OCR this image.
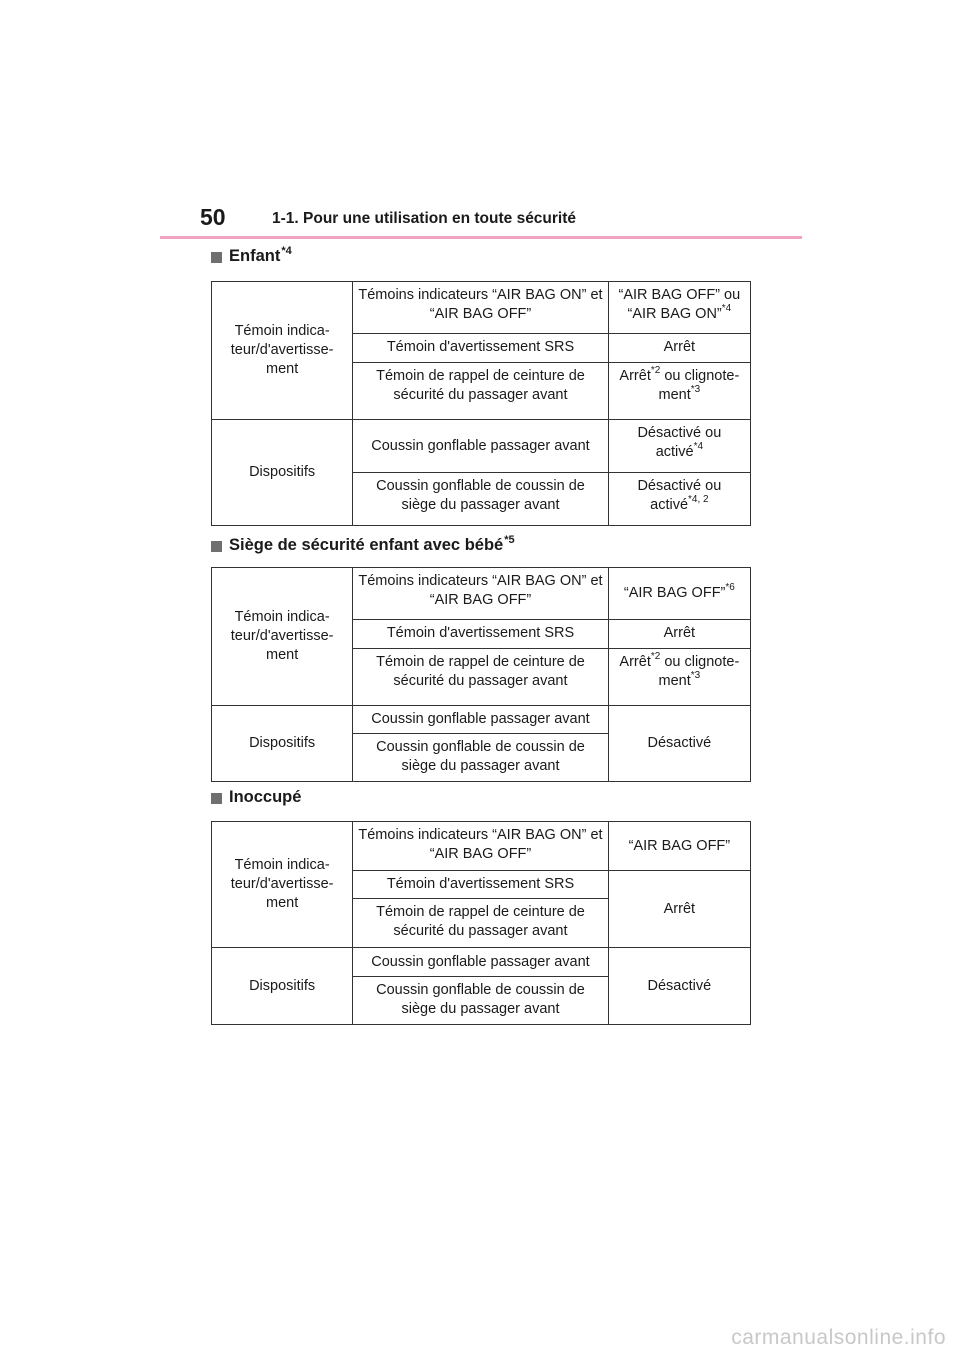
50	1-1. Pour une utilisation en toute sécurité
Enfant$^{*4}$
Témoin indica-teur/d'avertisse-ment	Témoins indicateurs “AIR BAG ON” et “AIR BAG OFF”	“AIR BAG OFF” ou “AIR BAG ON”$^{*4}$
	Témoin d'avertissement SRS	Arrêt
	Témoin de rappel de ceinture de sécurité du passager avant	Arrêt$^{*2}$ ou clignote-ment$^{*3}$
Dispositifs	Coussin gonflable passager avant	Désactivé ou activé$^{*4}$
	Coussin gonflable de coussin de siège du passager avant	Désactivé ou activé$^{*4, 2}$
Siège de sécurité enfant avec bébé$^{*5}$
Témoin indica-teur/d'avertisse-ment	Témoins indicateurs “AIR BAG ON” et “AIR BAG OFF”	“AIR BAG OFF”$^{*6}$
	Témoin d'avertissement SRS	Arrêt
	Témoin de rappel de ceinture de sécurité du passager avant	Arrêt$^{*2}$ ou clignote-ment$^{*3}$
Dispositifs	Coussin gonflable passager avant	Désactivé
	Coussin gonflable de coussin de siège du passager avant	
Inoccupé
Témoin indica-teur/d'avertisse-ment	Témoins indicateurs “AIR BAG ON” et “AIR BAG OFF”	“AIR BAG OFF”
	Témoin d'avertissement SRS	Arrêt
	Témoin de rappel de ceinture de sécurité du passager avant	
Dispositifs	Coussin gonflable passager avant	Désactivé
	Coussin gonflable de coussin de siège du passager avant	
carmanualsonline.info
